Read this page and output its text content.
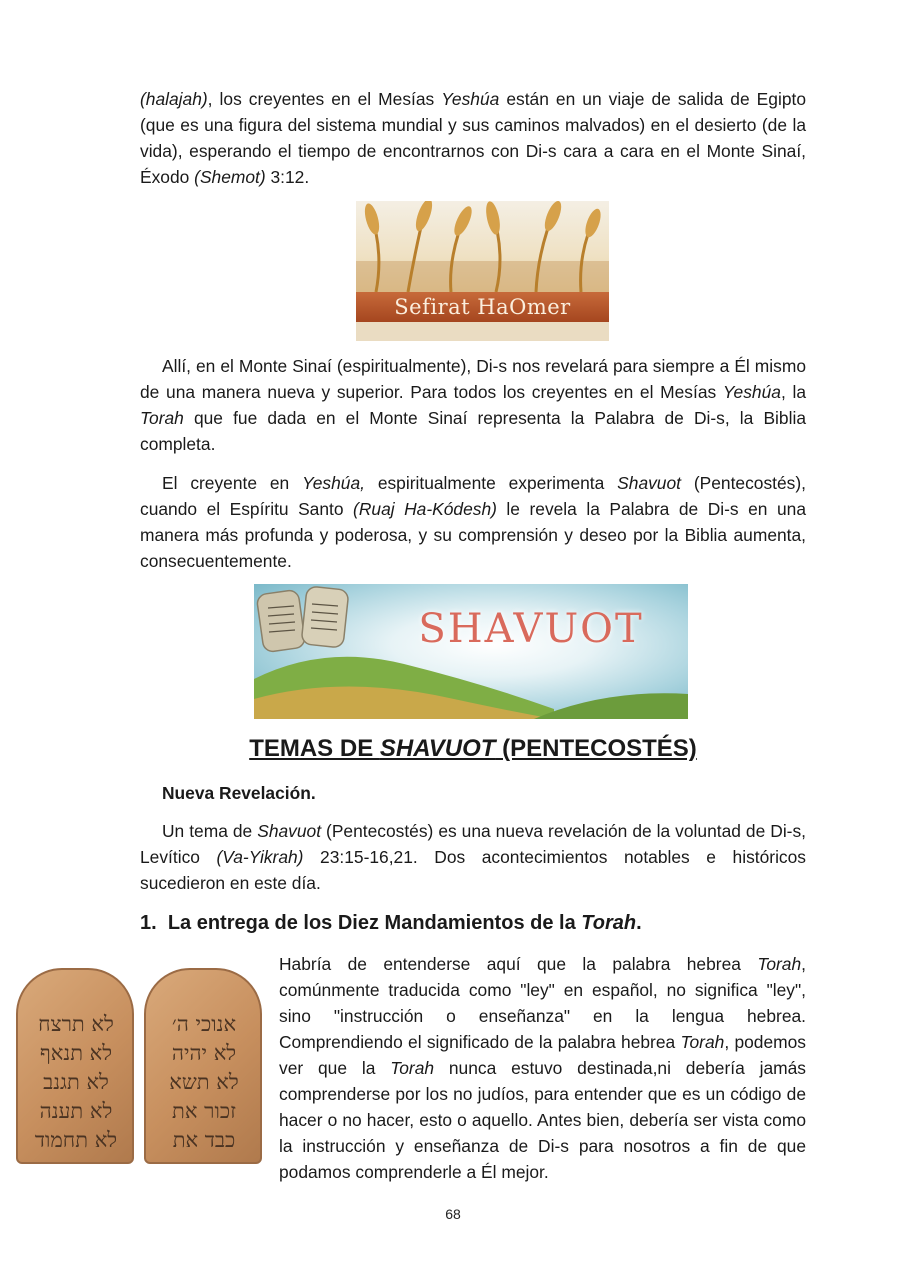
(halajah), los creyentes en el Mesías Yeshúa están en un viaje de salida de Egipto (que es una figura del sistema mundial y sus caminos malvados) en el desierto (de la vida), esperando el tiempo de encontrarnos con Di-s cara a cara en el Monte Sinaí, Éxodo (Shemot) 3:12.

Sefirat HaOmer

Allí, en el Monte Sinaí (espiritualmente), Di-s nos revelará para siempre a Él mismo de una manera nueva y superior. Para todos los creyentes en el Mesías Yeshúa, la Torah que fue dada en el Monte Sinaí representa la Palabra de Di-s, la Biblia completa.

El creyente en Yeshúa, espiritualmente experimenta Shavuot (Pentecostés), cuando el Espíritu Santo (Ruaj Ha-Kódesh) le revela la Palabra de Di-s en una manera más profunda y poderosa, y su comprensión y deseo por la Biblia aumenta, consecuentemente.

SHAVUOT
TEMAS DE SHAVUOT (PENTECOSTÉS)
Nueva Revelación.

Un tema de Shavuot (Pentecostés) es una nueva revelación de la voluntad de Di-s, Levítico (Va-Yikrah) 23:15-16,21. Dos acontecimientos notables e históricos sucedieron en este día.

1. La entrega de los Diez Mandamientos de la Torah.
לא תרצח
לא תנאף
לא תגנב
לא תענה
לא תחמוד
אנוכי ה׳
לא יהיה
לא תשא
זכור את
כבד את

Habría de entenderse aquí que la palabra hebrea Torah, comúnmente traducida como "ley" en español, no significa "ley", sino "instrucción o enseñanza" en la lengua hebrea. Comprendiendo el significado de la palabra hebrea Torah, podemos ver que la Torah nunca estuvo destinada,ni debería jamás comprenderse por los no judíos, para entender que es un código de hacer o no hacer, esto o aquello. Antes bien, debería ser vista como la instrucción y enseñanza de Di-s para nosotros a fin de que podamos comprenderle a Él mejor.

68
